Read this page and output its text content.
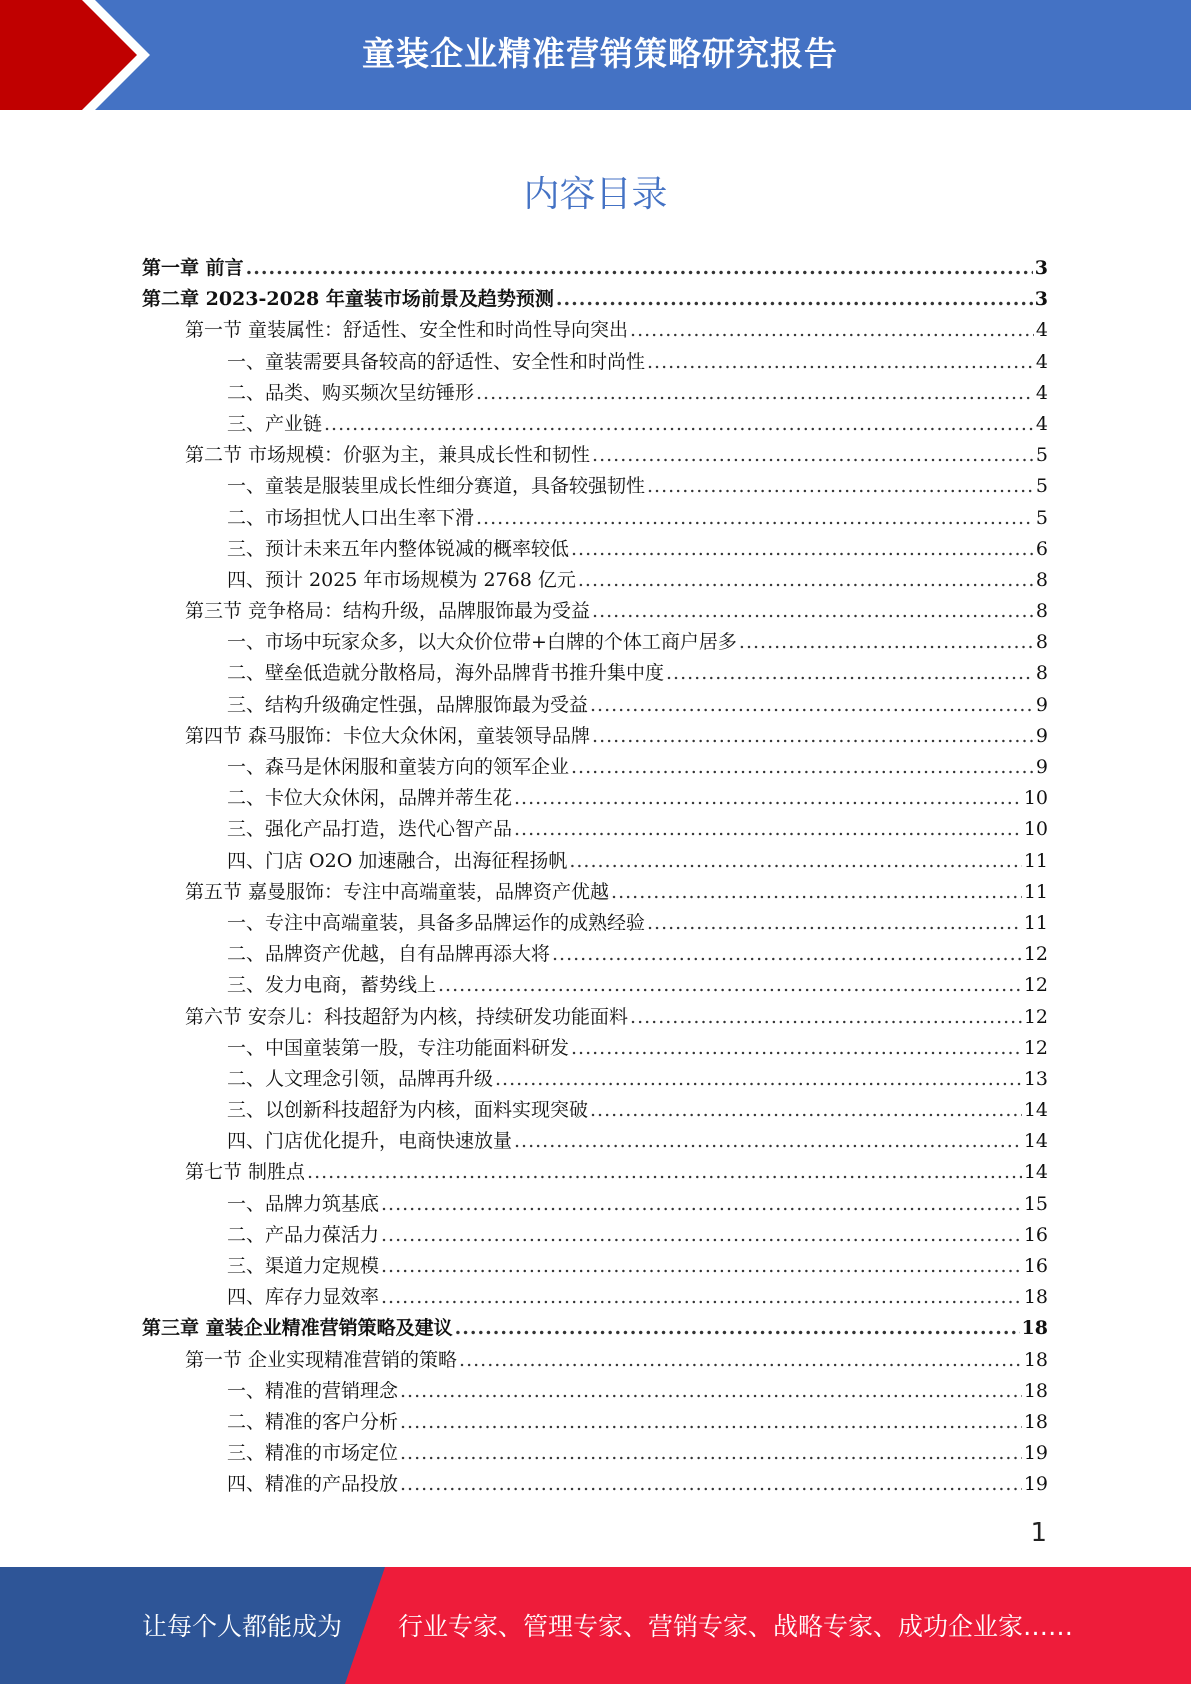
童装企业精准营销策略研究报告
内容目录
第一章 前言 .....	3
第二章 2023-2028 年童装市场前景及趋势预测 .....	3
第一节 童装属性：舒适性、安全性和时尚性导向突出 .....	4
一、童装需要具备较高的舒适性、安全性和时尚性 .....	4
二、品类、购买频次呈纺锤形 .....	4
三、产业链 .....	4
第二节 市场规模：价驱为主，兼具成长性和韧性 .....	5
一、童装是服装里成长性细分赛道，具备较强韧性 .....	5
二、市场担忧人口出生率下滑 .....	5
三、预计未来五年内整体锐减的概率较低 .....	6
四、预计 2025 年市场规模为 2768 亿元 .....	8
第三节 竞争格局：结构升级，品牌服饰最为受益 .....	8
一、市场中玩家众多，以大众价位带+白牌的个体工商户居多 .....	8
二、壁垒低造就分散格局，海外品牌背书推升集中度 .....	8
三、结构升级确定性强，品牌服饰最为受益 .....	9
第四节 森马服饰：卡位大众休闲，童装领导品牌 .....	9
一、森马是休闲服和童装方向的领军企业 .....	9
二、卡位大众休闲，品牌并蒂生花 .....	10
三、强化产品打造，迭代心智产品 .....	10
四、门店 O2O 加速融合，出海征程扬帆 .....	11
第五节 嘉曼服饰：专注中高端童装，品牌资产优越 .....	11
一、专注中高端童装，具备多品牌运作的成熟经验 .....	11
二、品牌资产优越，自有品牌再添大将 .....	12
三、发力电商，蓄势线上 .....	12
第六节 安奈儿：科技超舒为内核，持续研发功能面料 .....	12
一、中国童装第一股，专注功能面料研发 .....	12
二、人文理念引领，品牌再升级 .....	13
三、以创新科技超舒为内核，面料实现突破 .....	14
四、门店优化提升，电商快速放量 .....	14
第七节 制胜点 .....	14
一、品牌力筑基底 .....	15
二、产品力葆活力 .....	16
三、渠道力定规模 .....	16
四、库存力显效率 .....	18
第三章 童装企业精准营销策略及建议 .....	18
第一节 企业实现精准营销的策略 .....	18
一、精准的营销理念 .....	18
二、精准的客户分析 .....	18
三、精准的市场定位 .....	19
四、精准的产品投放 .....	19
1
让每个人都能成为 行业专家、管理专家、营销专家、战略专家、成功企业家……
